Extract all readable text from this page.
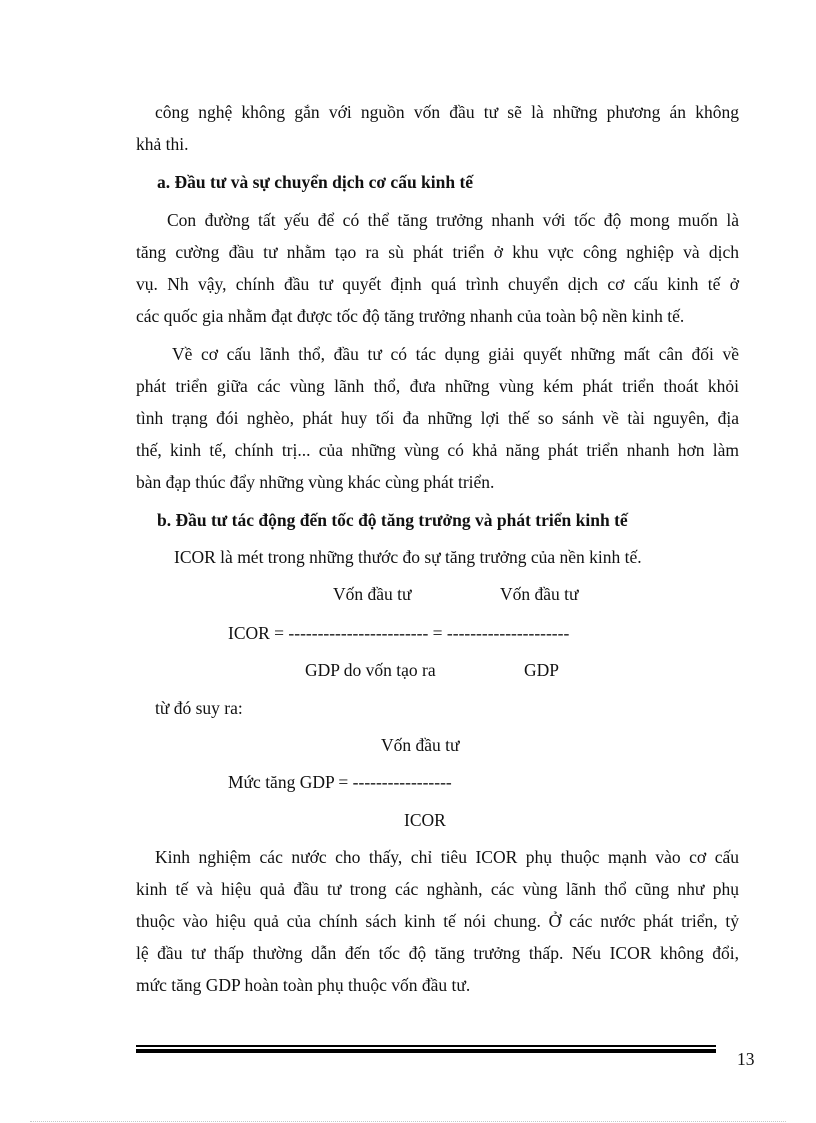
công nghệ không gắn với nguồn vốn đầu tư sẽ là những phương án không
khả thi.
a. Đầu tư và sự chuyển dịch cơ cấu kinh tế
Con đường tất yếu để có thể tăng trưởng nhanh với tốc độ mong muốn là
tăng cường đầu tư nhằm tạo ra sù phát triển ở khu vực công nghiệp và dịch
vụ. Nh vậy, chính đầu tư quyết định quá trình chuyển dịch cơ cấu kinh tế ở
các quốc gia nhằm đạt được tốc độ tăng trưởng nhanh của toàn bộ nền kinh tế.
Về cơ cấu lãnh thổ, đầu tư có tác dụng giải quyết những mất cân đối về
phát triển giữa các vùng lãnh thổ, đưa những vùng kém phát triển thoát khỏi
tình trạng đói nghèo, phát huy tối đa những lợi thế so sánh về tài nguyên, địa
thế, kinh tế, chính trị... của những vùng có khả năng phát triển nhanh hơn làm
bàn đạp thúc đẩy những vùng khác cùng phát triển.
b. Đầu tư tác động đến tốc độ tăng trưởng và phát triển kinh tế
ICOR là mét trong những thước đo sự tăng trưởng của nền kinh tế.
Vốn đầu tư	Vốn đầu tư
ICOR = ------------------------ = ---------------------
GDP do vốn tạo ra	GDP
từ đó suy ra:
Vốn đầu tư
Mức tăng GDP = -----------------
ICOR
Kinh nghiệm các nước cho thấy, chỉ tiêu ICOR phụ thuộc mạnh vào cơ cấu
kinh tế và hiệu quả đầu tư trong các nghành, các vùng lãnh thổ cũng như phụ
thuộc vào hiệu quả của chính sách kinh tế nói chung. Ở các nước phát triển, tỷ
lệ đầu tư thấp thường dẫn đến tốc độ tăng trưởng thấp. Nếu ICOR không đổi,
mức tăng GDP hoàn toàn phụ thuộc vốn đầu tư.
13
